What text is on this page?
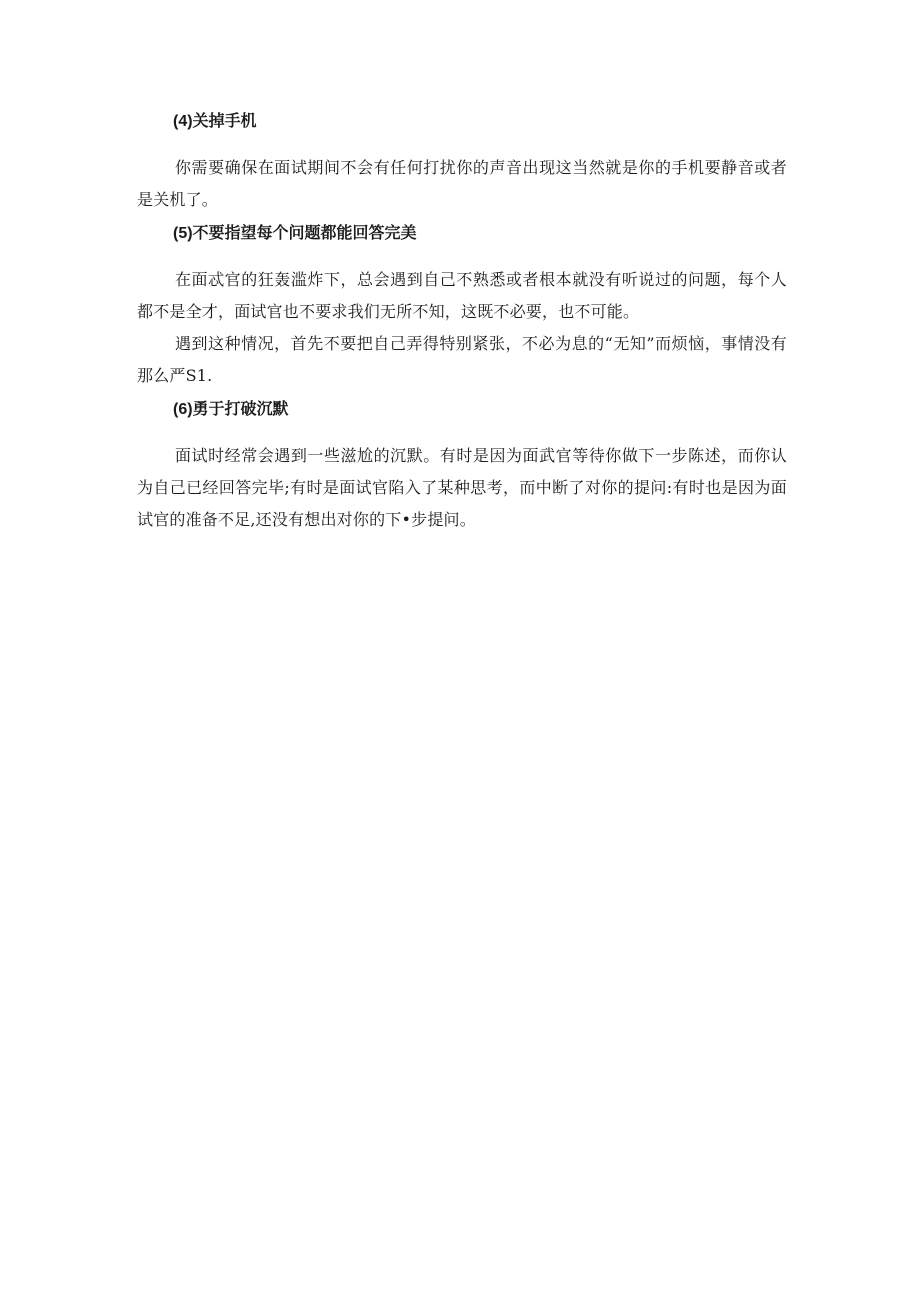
(4)关掉手机

你需要确保在面试期间不会有任何打扰你的声音出现这当然就是你的手机要静音或者是关机了。

(5)不要指望每个问题都能回答完美

在面忒官的狂轰滥炸下，总会遇到自己不熟悉或者根本就没有听说过的问题，每个人都不是全才，面试官也不要求我们无所不知，这既不必要，也不可能。

遇到这种情况，首先不要把自己弄得特别紧张，不必为息的“无知”而烦恼，事情没有那么严S1.

(6)勇于打破沉默

面试时经常会遇到一些滋尬的沉默。有时是因为面武官等待你做下一步陈述，而你认为自己已经回答完毕;有时是面试官陷入了某种思考，而中断了对你的提问:有时也是因为面试官的准备不足,还没有想出对你的下•步提问。
